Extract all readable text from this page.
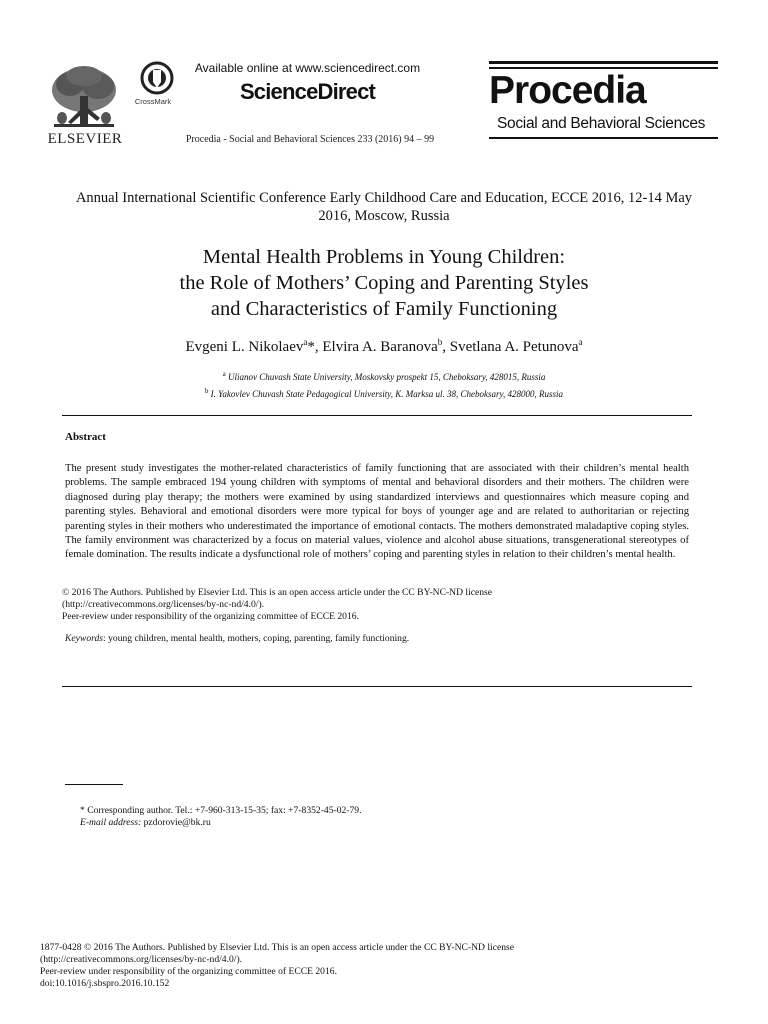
ELSEVIER
CrossMark
Available online at www.sciencedirect.com
ScienceDirect
Procedia - Social and Behavioral Sciences 233 (2016) 94 – 99
Procedia
Social and Behavioral Sciences
Annual International Scientific Conference Early Childhood Care and Education, ECCE 2016, 12-14 May 2016, Moscow, Russia
Mental Health Problems in Young Children:
the Role of Mothers’ Coping and Parenting Styles
and Characteristics of Family Functioning
Evgeni L. Nikolaev$^a$*, Elvira A. Baranova$^b$, Svetlana A. Petunova$^a$
$^a$ Ulianov Chuvash State University, Moskovsky prospekt 15, Cheboksary, 428015, Russia
$^b$ I. Yakovlev Chuvash State Pedagogical University, K. Marksa ul. 38, Cheboksary, 428000, Russia
Abstract
The present study investigates the mother-related characteristics of family functioning that are associated with their children’s mental health problems. The sample embraced 194 young children with symptoms of mental and behavioral disorders and their mothers. The children were diagnosed during play therapy; the mothers were examined by using standardized interviews and questionnaires which measure coping and parenting styles. Behavioral and emotional disorders were more typical for boys of younger age and are related to authoritarian or rejecting parenting styles in their mothers who underestimated the importance of emotional contacts. The mothers demonstrated maladaptive coping styles. The family environment was characterized by a focus on material values, violence and alcohol abuse situations, transgenerational stereotypes of female domination. The results indicate a dysfunctional role of mothers’ coping and parenting styles in relation to their children’s mental health.
© 2016 The Authors. Published by Elsevier Ltd. This is an open access article under the CC BY-NC-ND license
(http://creativecommons.org/licenses/by-nc-nd/4.0/).
Peer-review under responsibility of the organizing committee of ECCE 2016.
Keywords: young children, mental health, mothers, coping, parenting, family functioning.
* Corresponding author. Tel.: +7-960-313-15-35; fax: +7-8352-45-02-79.
E-mail address: pzdorovie@bk.ru
1877-0428 © 2016 The Authors. Published by Elsevier Ltd. This is an open access article under the CC BY-NC-ND license
(http://creativecommons.org/licenses/by-nc-nd/4.0/).
Peer-review under responsibility of the organizing committee of ECCE 2016.
doi:10.1016/j.sbspro.2016.10.152
